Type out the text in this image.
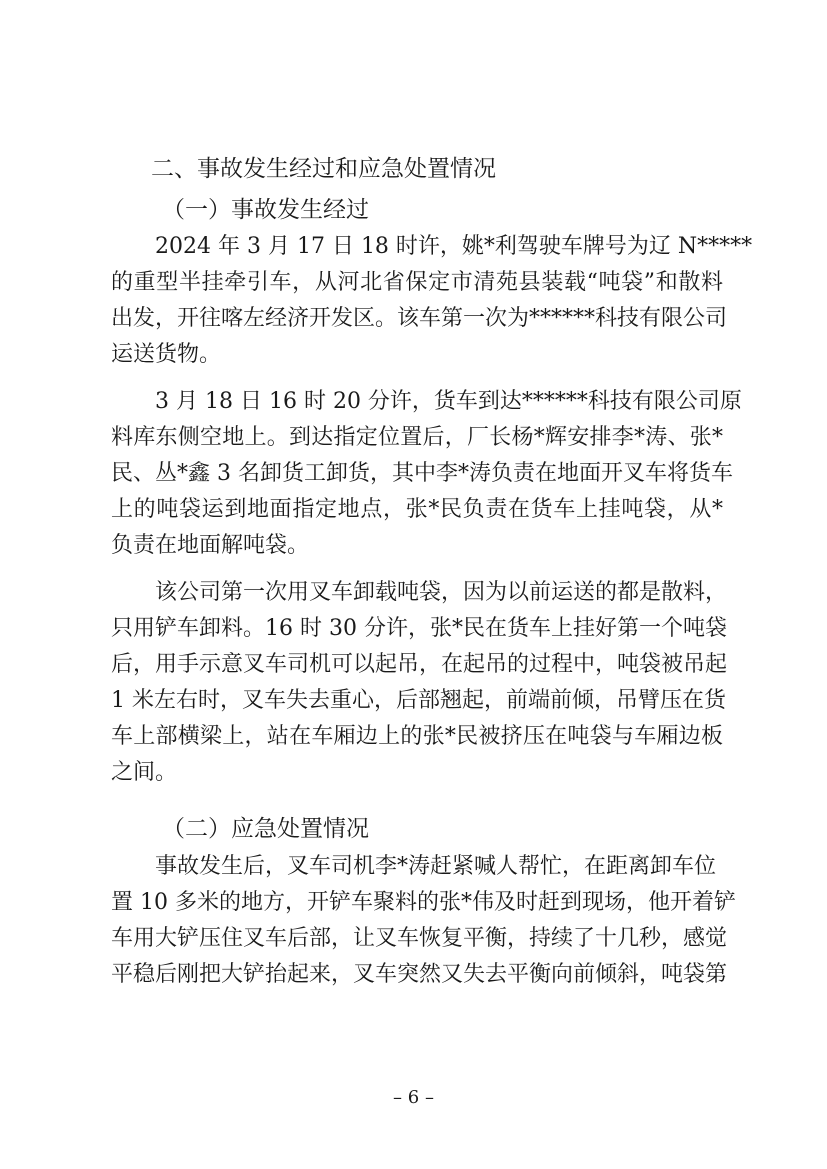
二、事故发生经过和应急处置情况
（一）事故发生经过
2024 年 3 月 17 日 18 时许，姚*利驾驶车牌号为辽 N*****
的重型半挂牵引车，从河北省保定市清苑县装载“吨袋”和散料
出发，开往喀左经济开发区。该车第一次为******科技有限公司
运送货物。
3 月 18 日 16 时 20 分许，货车到达******科技有限公司原
料库东侧空地上。到达指定位置后，厂长杨*辉安排李*涛、张*
民、丛*鑫 3 名卸货工卸货，其中李*涛负责在地面开叉车将货车
上的吨袋运到地面指定地点，张*民负责在货车上挂吨袋，从*
负责在地面解吨袋。
该公司第一次用叉车卸载吨袋，因为以前运送的都是散料，
只用铲车卸料。16 时 30 分许，张*民在货车上挂好第一个吨袋
后，用手示意叉车司机可以起吊，在起吊的过程中，吨袋被吊起
1 米左右时，叉车失去重心，后部翘起，前端前倾，吊臂压在货
车上部横梁上，站在车厢边上的张*民被挤压在吨袋与车厢边板
之间。
（二）应急处置情况
事故发生后，叉车司机李*涛赶紧喊人帮忙，在距离卸车位
置 10 多米的地方，开铲车聚料的张*伟及时赶到现场，他开着铲
车用大铲压住叉车后部，让叉车恢复平衡，持续了十几秒，感觉
平稳后刚把大铲抬起来，叉车突然又失去平衡向前倾斜，吨袋第
– 6 –
